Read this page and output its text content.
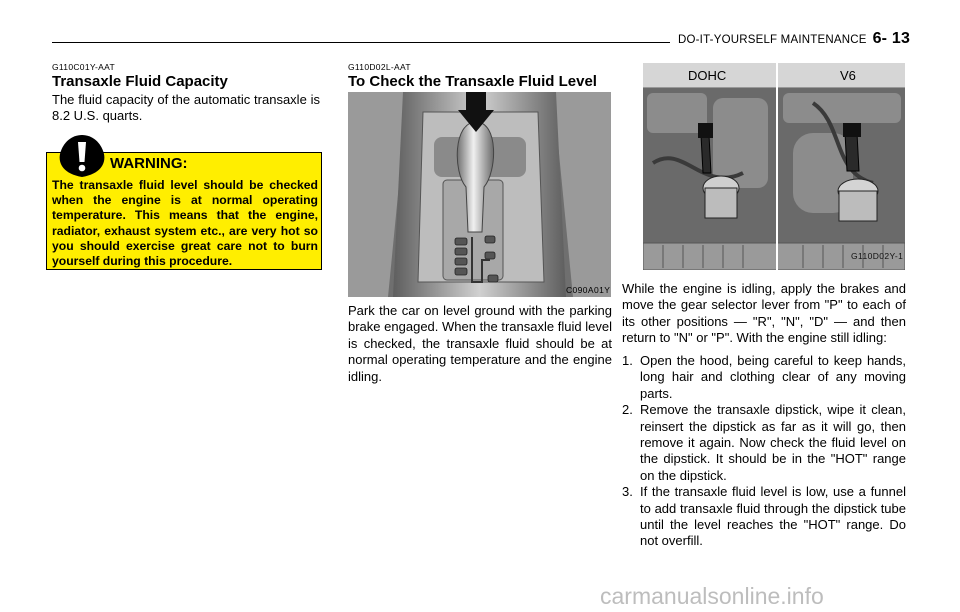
DO-IT-YOURSELF MAINTENANCE 6- 13
G110C01Y-AAT
Transaxle Fluid Capacity

The fluid capacity of the automatic transaxle is 8.2 U.S. quarts.

WARNING:

The transaxle fluid level should be checked when the engine is at normal operating temperature. This means that the engine, radiator, exhaust system etc., are very hot so you should exercise great care not to burn yourself during this procedure.

G110D02L-AAT
To Check the Transaxle Fluid Level
C090A01Y

Park the car on level ground with the parking brake engaged. When the transaxle fluid level is checked, the transaxle fluid should be at normal operating temperature and the engine idling.

DOHC	V6
G110D02Y-1

While the engine is idling, apply the brakes and move the gear selector lever from "P" to each of its other positions — "R", "N", "D" — and then return to "N" or "P". With the engine still idling:

1. Open the hood, being careful to keep hands, long hair and clothing clear of any moving parts.
2. Remove the transaxle dipstick, wipe it clean, reinsert the dipstick as far as it will go, then remove it again. Now check the fluid level on the dipstick. It should be in the "HOT" range on the dipstick.
3. If the transaxle fluid level is low, use a funnel to add transaxle fluid through the dipstick tube until the level reaches the "HOT" range. Do not overfill.
carmanualsonline.info
